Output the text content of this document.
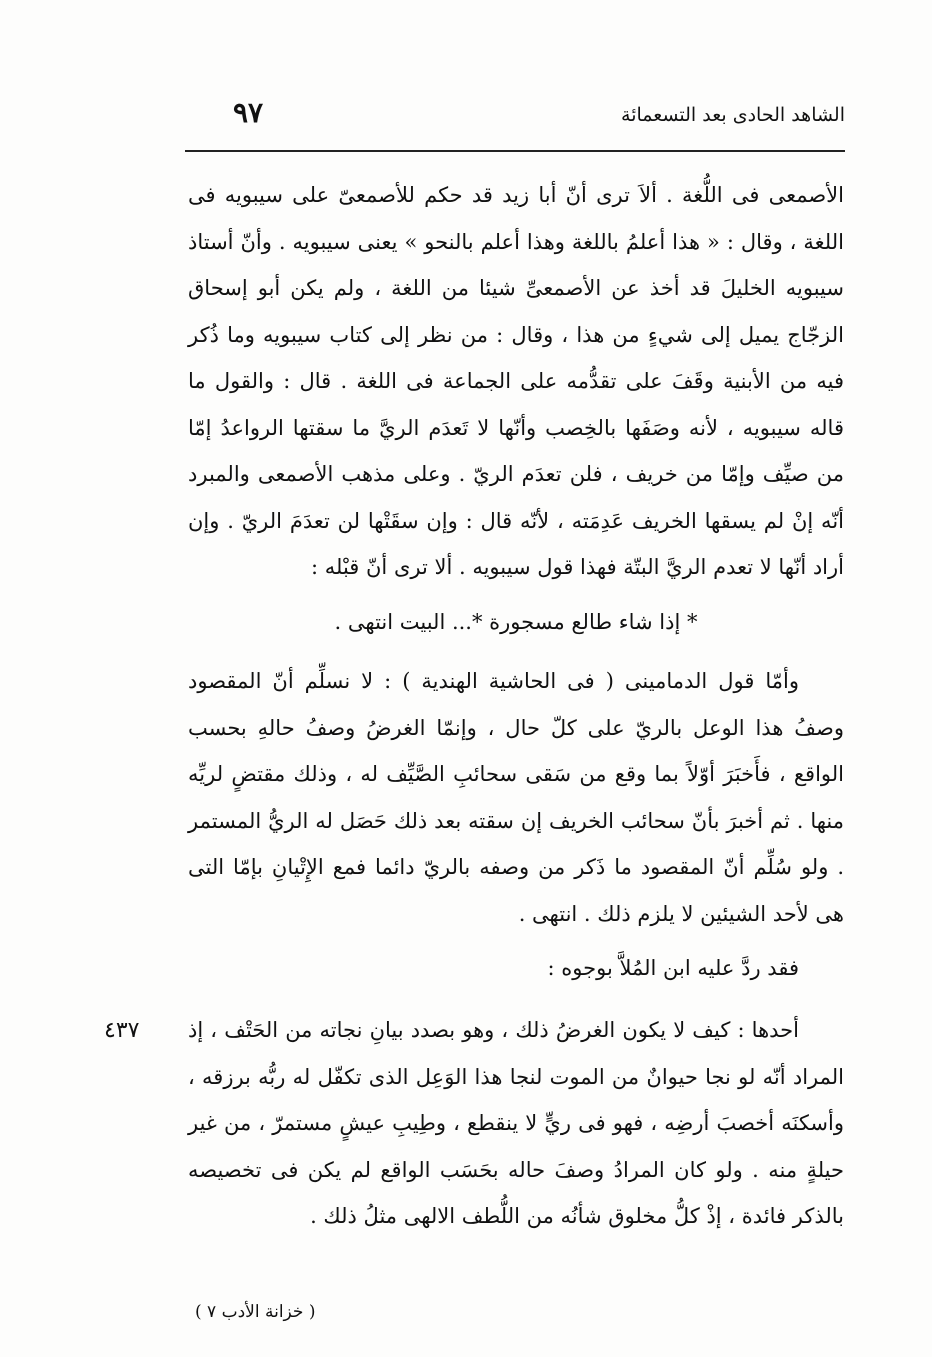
الشاهد الحادى بعد التسعمائة
٩٧

الأصمعى فى اللُّغة . ألاَ ترى أنّ أبا زيد قد حكم للأصمعىّ على سيبويه فى اللغة ، وقال : « هذا أعلمُ باللغة وهذا أعلم بالنحو » يعنى سيبويه . وأنّ أستاذ سيبويه الخليلَ قد أخذ عن الأصمعىِّ شيئا من اللغة ، ولم يكن أبو إسحاق الزجّاج يميل إلى شيءٍ من هذا ، وقال : من نظر إلى كتاب سيبويه وما ذُكر فيه من الأبنية وقَفَ على تقدُّمه على الجماعة فى اللغة . قال : والقول ما قاله سيبويه ، لأنه وصَفَها بالخِصب وأنّها لا تَعدَم الريَّ ما سقتها الرواعدُ إمّا من صيِّف وإمّا من خريف ، فلن تعدَم الريّ . وعلى مذهب الأصمعى والمبرد أنّه إنْ لم يسقها الخريف عَدِمَته ، لأنّه قال : وإن سقَتْها لن تعدَمَ الريّ . وإن أراد أنّها لا تعدم الريَّ البتّة فهذا قول سيبويه . ألا ترى أنّ قبْله :

* إذا شاء طالع مسجورة *... البيت انتهى .

وأمّا قول الدمامينى ( فى الحاشية الهندية ) : لا نسلِّم أنّ المقصود وصفُ هذا الوعل بالريّ على كلّ حال ، وإنمّا الغرضُ وصفُ حالهِ بحسب الواقع ، فأَخبَرَ أوّلاً بما وقع من سَقى سحائبِ الصَّيِّف له ، وذلك مقتضٍ لريِّه منها . ثم أخبرَ بأنّ سحائب الخريف إن سقته بعد ذلك حَصَل له الريُّ المستمر . ولو سُلِّم أنّ المقصود ما ذَكر من وصفه بالريّ دائما فمع الإِتْيانِ بإمّا التى هى لأحد الشيئين لا يلزم ذلك . انتهى .

فقد ردَّ عليه ابن المُلاَّ بوجوه :

٤٣٧ أحدها : كيف لا يكون الغرضُ ذلك ، وهو بصدد بيانِ نجاته من الحَتْف ، إذ المراد أنّه لو نجا حيوانٌ من الموت لنجا هذا الوَعِل الذى تكفّل له ربُّه برزقه ، وأسكنَه أخصبَ أرضِه ، فهو فى ريٍّ لا ينقطع ، وطِيبِ عيشٍ مستمرّ ، من غير حيلةٍ منه . ولو كان المرادُ وصفَ حاله بحَسَب الواقع لم يكن فى تخصيصه بالذكر فائدة ، إذْ كلُّ مخلوق شأنُه من اللُّطف الالهى مثلُ ذلك .

( خزانة الأدب ٧ )
